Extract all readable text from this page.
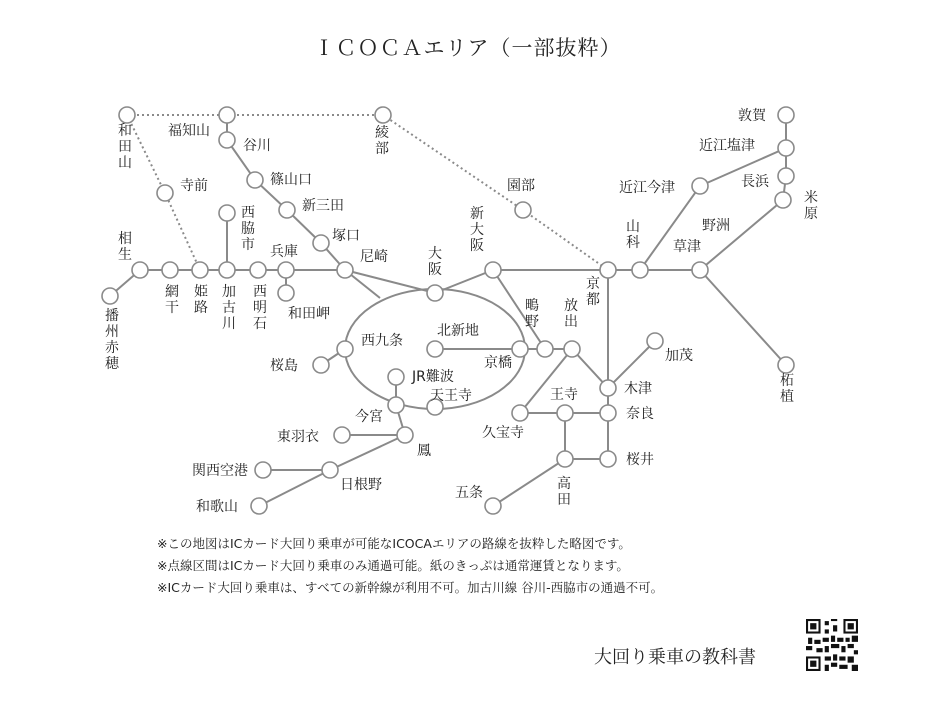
ＩＣＯＣＡエリア（一部抜粋）
和田山
福知山
谷川
綾部
園部
敦賀
近江塩津
長浜
米原
近江今津
山科
野洲
草津
寺前	篠山口
新三田
西脇市
塚口
尼崎	大阪
新大阪
京都
相生
播州赤穂
網干
姫路
加古川
西明石
兵庫
和田岬
西九条
北新地
鴫野
放出
京橋
桜島
JR難波
今宮
天王寺
加茂
柘植
木津
奈良
王寺
久宝寺
東羽衣
鳳
桜井
関西空港
日根野	高田
五条
和歌山
※この地図はICカード大回り乗車が可能なICOCAエリアの路線を抜粋した略図です。
※点線区間はICカード大回り乗車のみ通過可能。紙のきっぷは通常運賃となります。
※ICカード大回り乗車は、すべての新幹線が利用不可。加古川線 谷川-西脇市の通過不可。
大回り乗車の教科書
